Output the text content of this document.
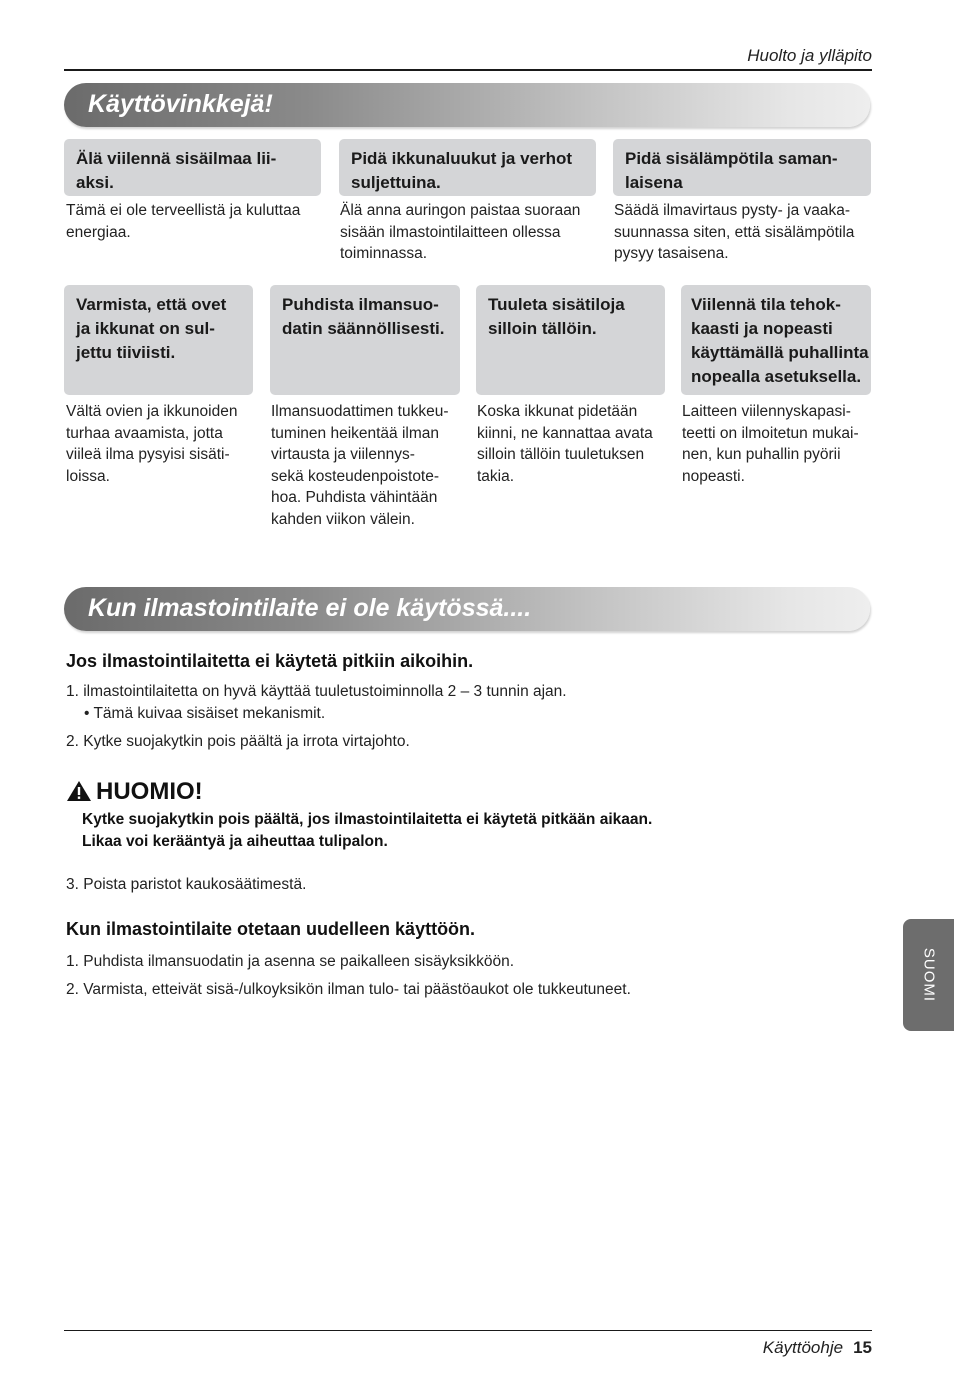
Huolto ja ylläpito
Käyttövinkkejä!
Älä viilennä sisäilmaa lii-
aksi.
Tämä ei ole terveellistä ja kuluttaa
energiaa.
Pidä ikkunaluukut ja verhot
suljettuina.
Älä anna auringon paistaa suoraan
sisään ilmastointilaitteen ollessa
toiminnassa.
Pidä sisälämpötila saman-
laisena
Säädä ilmavirtaus pysty- ja vaaka-
suunnassa siten, että sisälämpötila
pysyy tasaisena.
Varmista, että ovet
ja ikkunat on sul-
jettu tiiviisti.
Vältä ovien ja ikkunoiden
turhaa avaamista, jotta
viileä ilma pysyisi sisäti-
loissa.
Puhdista ilmansuo-
datin säännöllisesti.
Ilmansuodattimen tukkeu-
tuminen heikentää ilman
virtausta ja viilennys-
sekä kosteudenpoistote-
hoa. Puhdista vähintään
kahden viikon välein.
Tuuleta sisätiloja
silloin tällöin.
Koska ikkunat pidetään
kiinni, ne kannattaa avata
silloin tällöin tuuletuksen
takia.
Viilennä tila tehok-
kaasti ja nopeasti
käyttämällä puhallinta
nopealla asetuksella.
Laitteen viilennyskapasi-
teetti on ilmoitetun mukai-
nen, kun puhallin pyörii
nopeasti.
Kun ilmastointilaite ei ole käytössä....
Jos ilmastointilaitetta ei käytetä pitkiin aikoihin.
1. ilmastointilaitetta on hyvä käyttää tuuletustoiminnolla 2 – 3 tunnin ajan.
• Tämä kuivaa sisäiset mekanismit.
2. Kytke suojakytkin pois päältä ja irrota virtajohto.
HUOMIO!
Kytke suojakytkin pois päältä, jos ilmastointilaitetta ei käytetä pitkään aikaan.
Likaa voi kerääntyä ja aiheuttaa tulipalon.
3. Poista paristot kaukosäätimestä.
Kun ilmastointilaite otetaan uudelleen käyttöön.
1. Puhdista ilmansuodatin ja asenna se paikalleen sisäyksikköön.
2. Varmista, etteivät sisä-/ulkoyksikön ilman tulo- tai päästöaukot ole tukkeutuneet.	SUOMI
Käyttöohje 15
